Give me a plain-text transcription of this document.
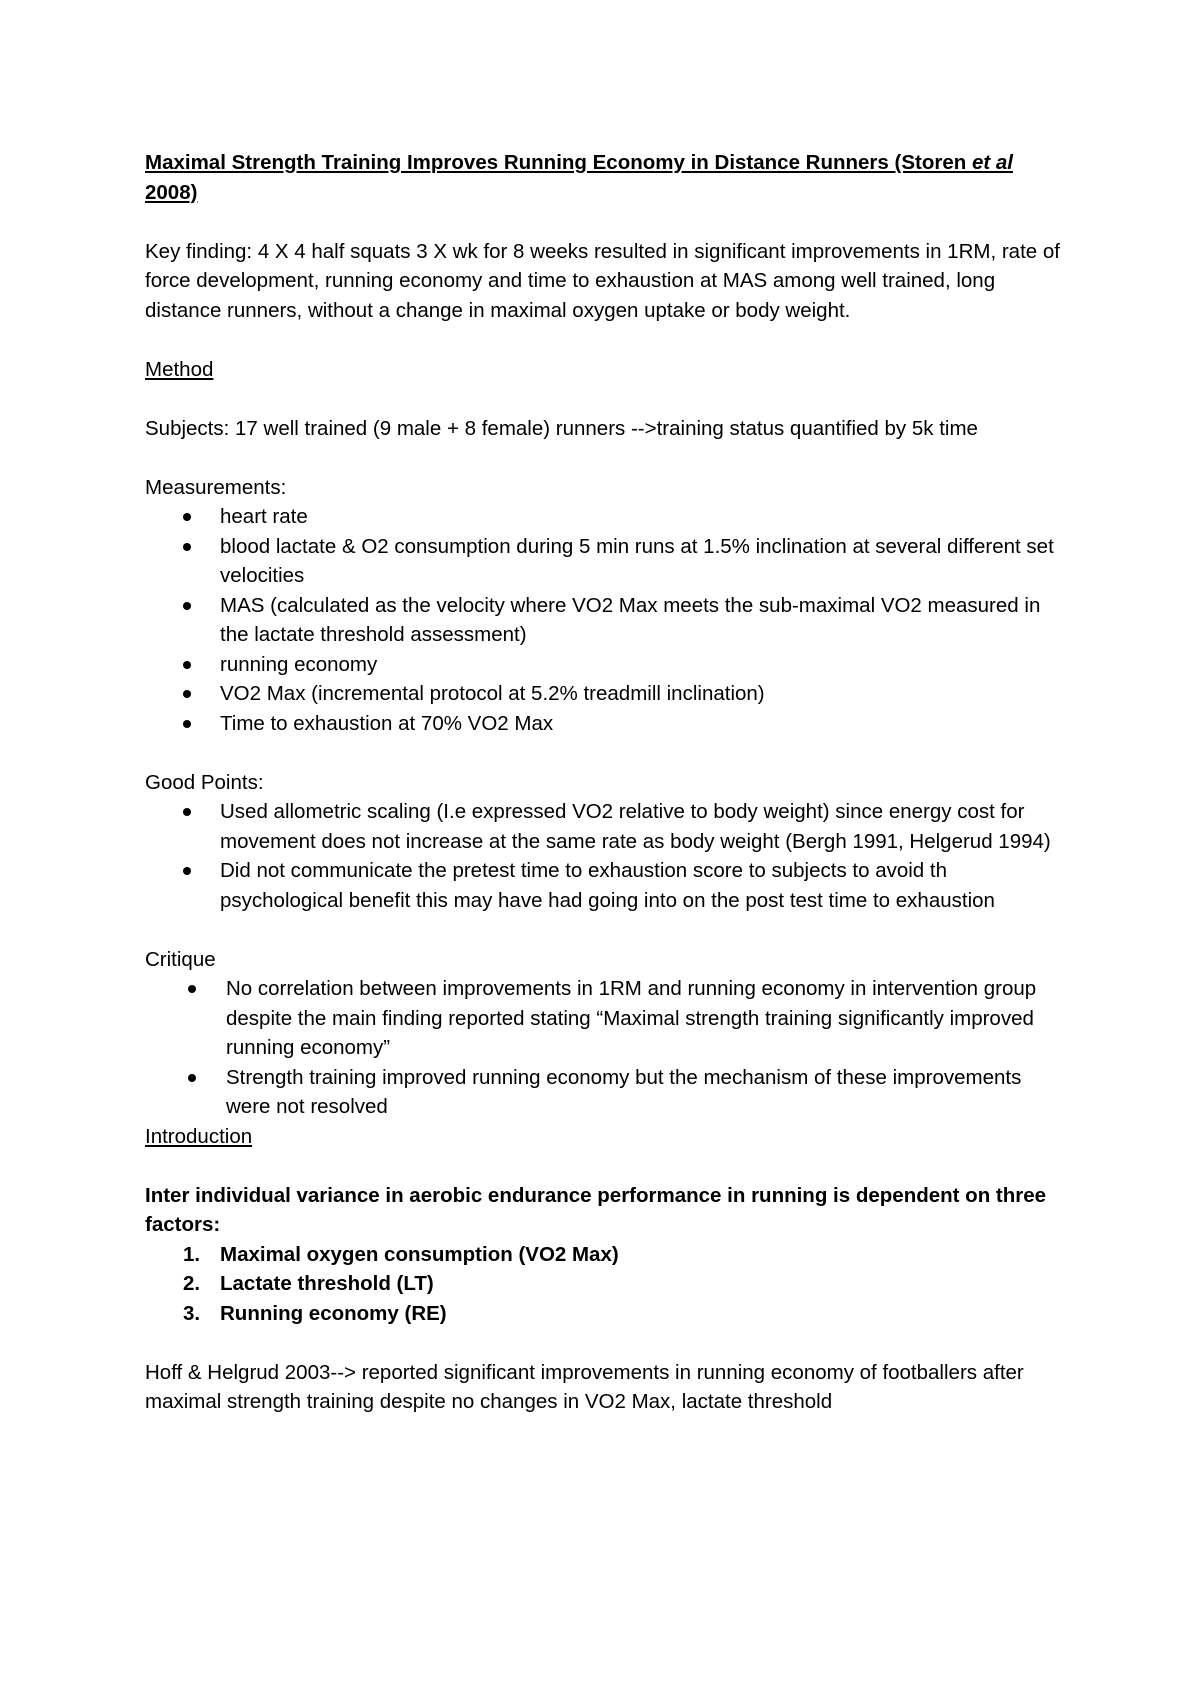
Maximal Strength Training Improves Running Economy in Distance Runners (Storen et al
2008)

Key finding: 4 X 4 half squats 3 X wk for 8 weeks resulted in significant improvements in 1RM, rate of force development, running economy and time to exhaustion at MAS among well trained, long distance runners, without a change in maximal oxygen uptake or body weight.

Method

Subjects: 17 well trained (9 male + 8 female) runners -->training status quantified by 5k time

Measurements:

heart rate
blood lactate & O2 consumption during 5 min runs at 1.5% inclination at several different set velocities
MAS (calculated as the velocity where VO2 Max meets the sub-maximal VO2 measured in the lactate threshold assessment)
running economy
VO2 Max (incremental protocol at 5.2% treadmill inclination)
Time to exhaustion at 70% VO2 Max

Good Points:

Used allometric scaling (I.e expressed VO2 relative to body weight) since energy cost for movement does not increase at the same rate as body weight (Bergh 1991, Helgerud 1994)
Did not communicate the pretest time to exhaustion score to subjects to avoid th psychological benefit this may have had going into on the post test time to exhaustion

Critique

No correlation between improvements in 1RM and running economy in intervention group despite the main finding reported stating “Maximal strength training significantly improved running economy”
Strength training improved running economy but the mechanism of these improvements were not resolved

Introduction

Inter individual variance in aerobic endurance performance in running is dependent on three factors:

1. Maximal oxygen consumption (VO2 Max)
2. Lactate threshold (LT)
3. Running economy (RE)

Hoff & Helgrud 2003--> reported significant improvements in running economy of footballers after maximal strength training despite no changes in VO2 Max, lactate threshold
